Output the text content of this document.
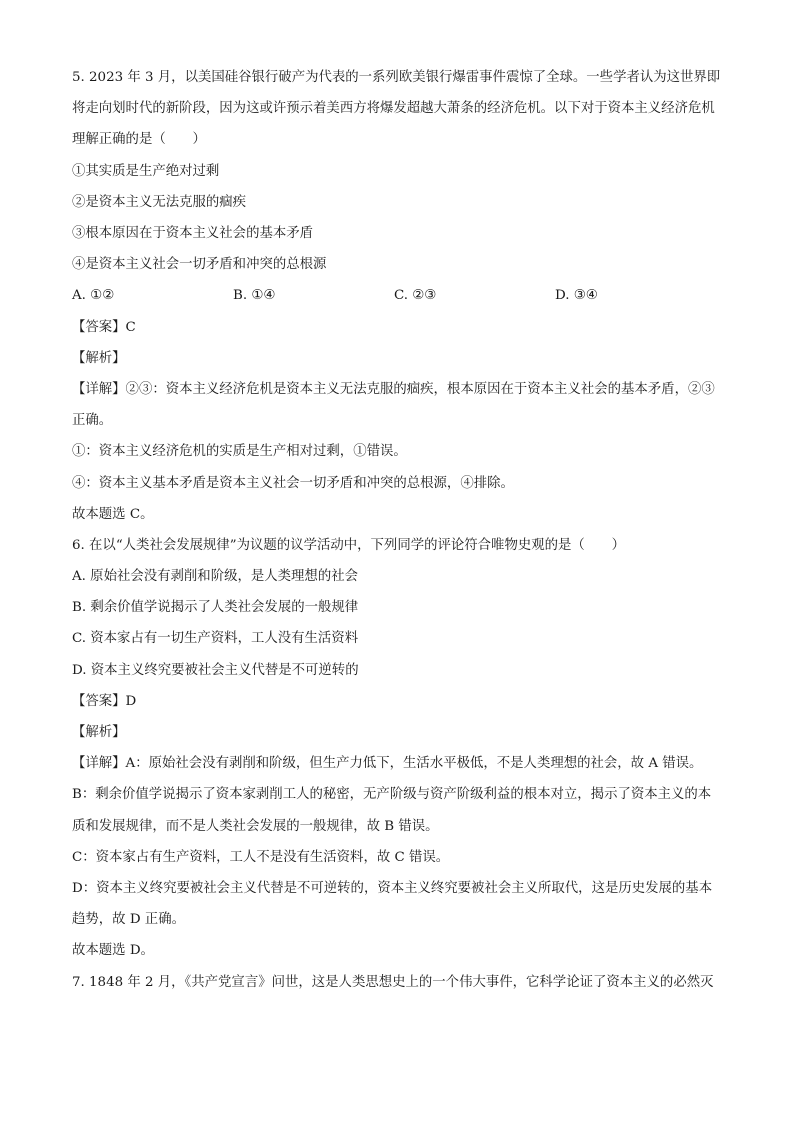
5. 2023 年 3 月，以美国硅谷银行破产为代表的一系列欧美银行爆雷事件震惊了全球。一些学者认为这世界即将走向划时代的新阶段，因为这或许预示着美西方将爆发超越大萧条的经济危机。以下对于资本主义经济危机理解正确的是（　　）
①其实质是生产绝对过剩
②是资本主义无法克服的痼疾
③根本原因在于资本主义社会的基本矛盾
④是资本主义社会一切矛盾和冲突的总根源
A. ①②	B. ①④	C. ②③	D. ③④
【答案】C
【解析】
【详解】②③：资本主义经济危机是资本主义无法克服的痼疾，根本原因在于资本主义社会的基本矛盾，②③正确。
①：资本主义经济危机的实质是生产相对过剩，①错误。
④：资本主义基本矛盾是资本主义社会一切矛盾和冲突的总根源，④排除。
故本题选 C。
6. 在以“人类社会发展规律”为议题的议学活动中，下列同学的评论符合唯物史观的是（　　）
A. 原始社会没有剥削和阶级，是人类理想的社会
B. 剩余价值学说揭示了人类社会发展的一般规律
C. 资本家占有一切生产资料，工人没有生活资料
D. 资本主义终究要被社会主义代替是不可逆转的
【答案】D
【解析】
【详解】A：原始社会没有剥削和阶级，但生产力低下，生活水平极低，不是人类理想的社会，故 A 错误。
B：剩余价值学说揭示了资本家剥削工人的秘密，无产阶级与资产阶级利益的根本对立，揭示了资本主义的本质和发展规律，而不是人类社会发展的一般规律，故 B 错误。
C：资本家占有生产资料，工人不是没有生活资料，故 C 错误。
D：资本主义终究要被社会主义代替是不可逆转的，资本主义终究要被社会主义所取代，这是历史发展的基本趋势，故 D 正确。
故本题选 D。
7. 1848 年 2 月，《共产党宣言》问世，这是人类思想史上的一个伟大事件，它科学论证了资本主义的必然灭
